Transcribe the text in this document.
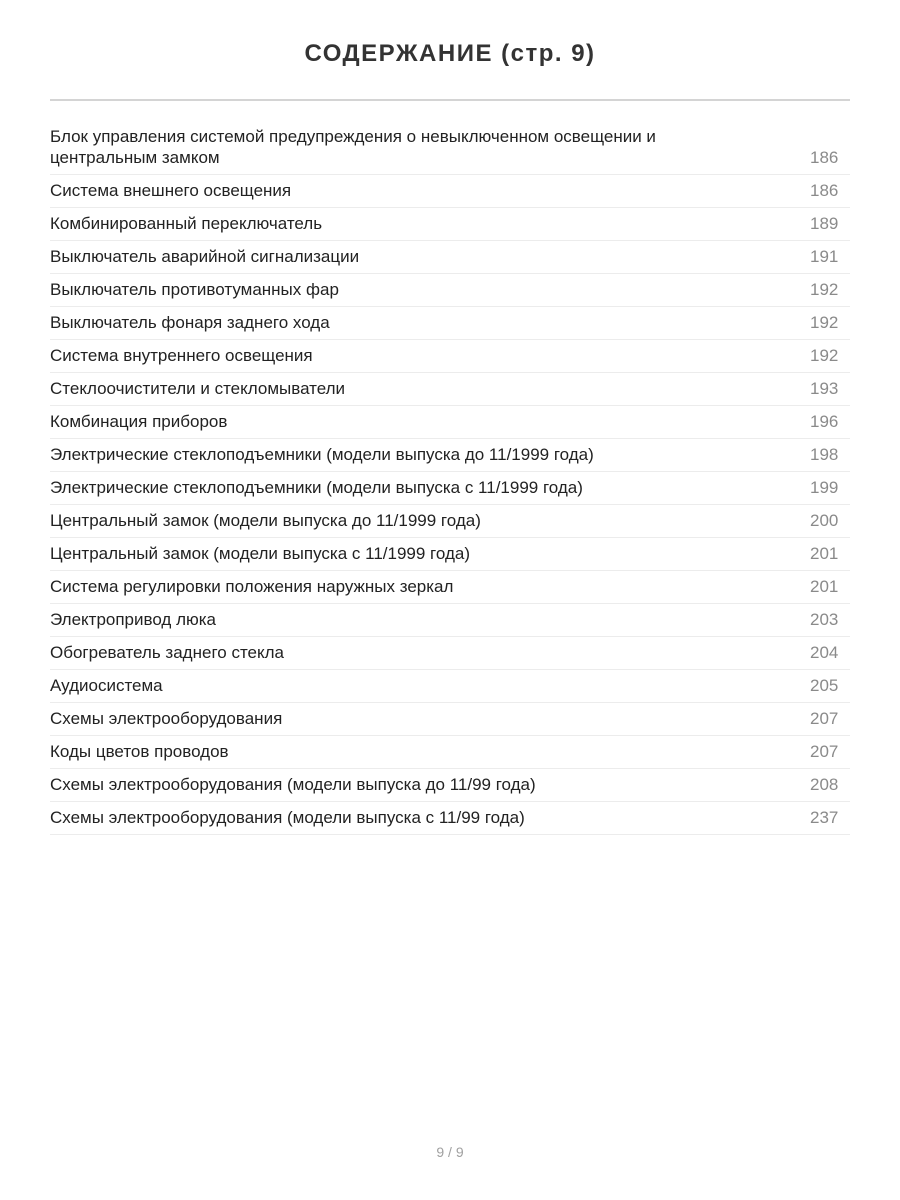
СОДЕРЖАНИЕ (стр. 9)
Блок управления системой предупреждения о невыключенном освещении и центральным замком	186
Система внешнего освещения	186
Комбинированный переключатель	189
Выключатель аварийной сигнализации	191
Выключатель противотуманных фар	192
Выключатель фонаря заднего хода	192
Система внутреннего освещения	192
Стеклоочистители и стекломыватели	193
Комбинация приборов	196
Электрические стеклоподъемники (модели выпуска до 11/1999 года)	198
Электрические стеклоподъемники (модели выпуска с 11/1999 года)	199
Центральный замок (модели выпуска до 11/1999 года)	200
Центральный замок (модели выпуска с 11/1999 года)	201
Система регулировки положения наружных зеркал	201
Электропривод люка	203
Обогреватель заднего стекла	204
Аудиосистема	205
Схемы электрооборудования	207
Коды цветов проводов	207
Схемы электрооборудования (модели выпуска до 11/99 года)	208
Схемы электрооборудования (модели выпуска с 11/99 года)	237
9 / 9
